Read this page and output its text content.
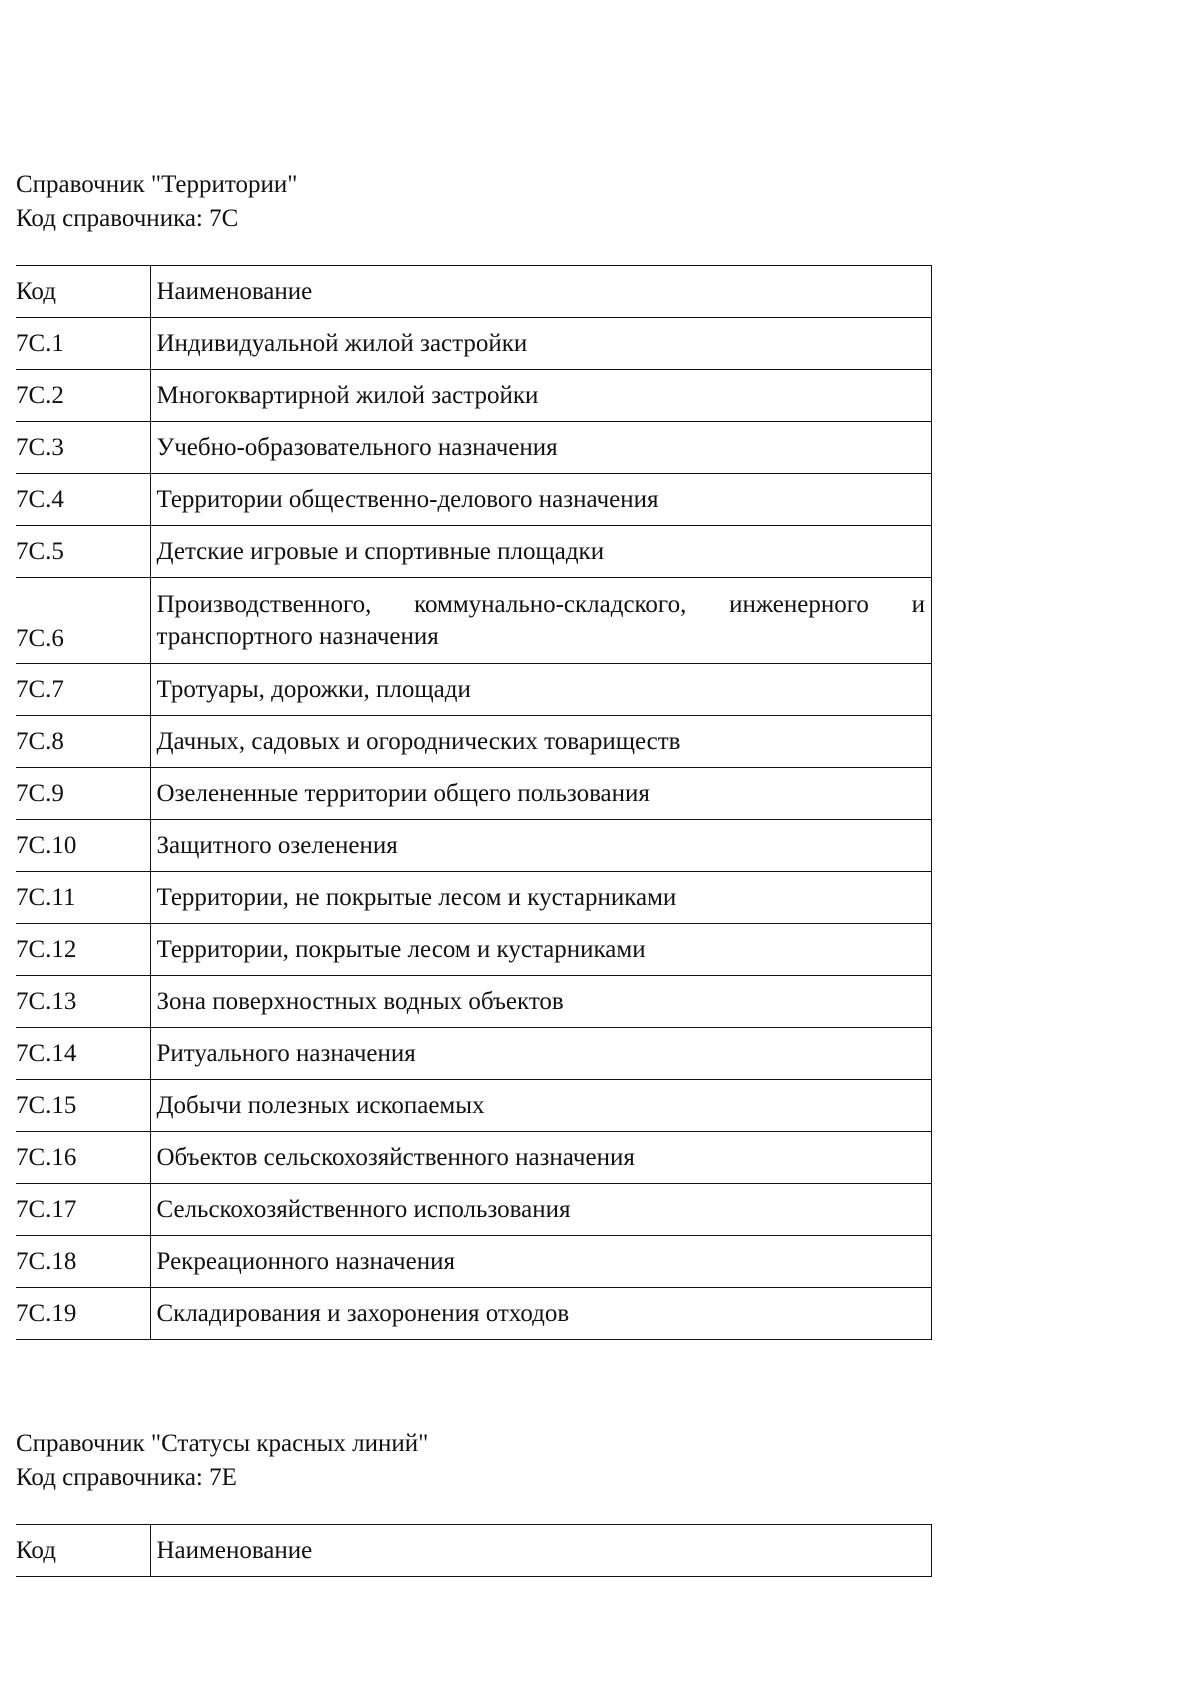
Справочник "Территории"
Код справочника: 7С
Код	Наименование
7С.1	Индивидуальной жилой застройки
7С.2	Многоквартирной жилой застройки
7С.3	Учебно-образовательного назначения
7С.4	Территории общественно-делового назначения
7С.5	Детские игровые и спортивные площадки
7С.6	Производственного, коммунально-складского, инженерного и транспортного назначения
7С.7	Тротуары, дорожки, площади
7С.8	Дачных, садовых и огороднических товариществ
7С.9	Озелененные территории общего пользования
7С.10	Защитного озеленения
7С.11	Территории, не покрытые лесом и кустарниками
7С.12	Территории, покрытые лесом и кустарниками
7С.13	Зона поверхностных водных объектов
7С.14	Ритуального назначения
7С.15	Добычи полезных ископаемых
7С.16	Объектов сельскохозяйственного назначения
7С.17	Сельскохозяйственного использования
7С.18	Рекреационного назначения
7С.19	Складирования и захоронения отходов
Справочник "Статусы красных линий"
Код справочника: 7Е
Код	Наименование
